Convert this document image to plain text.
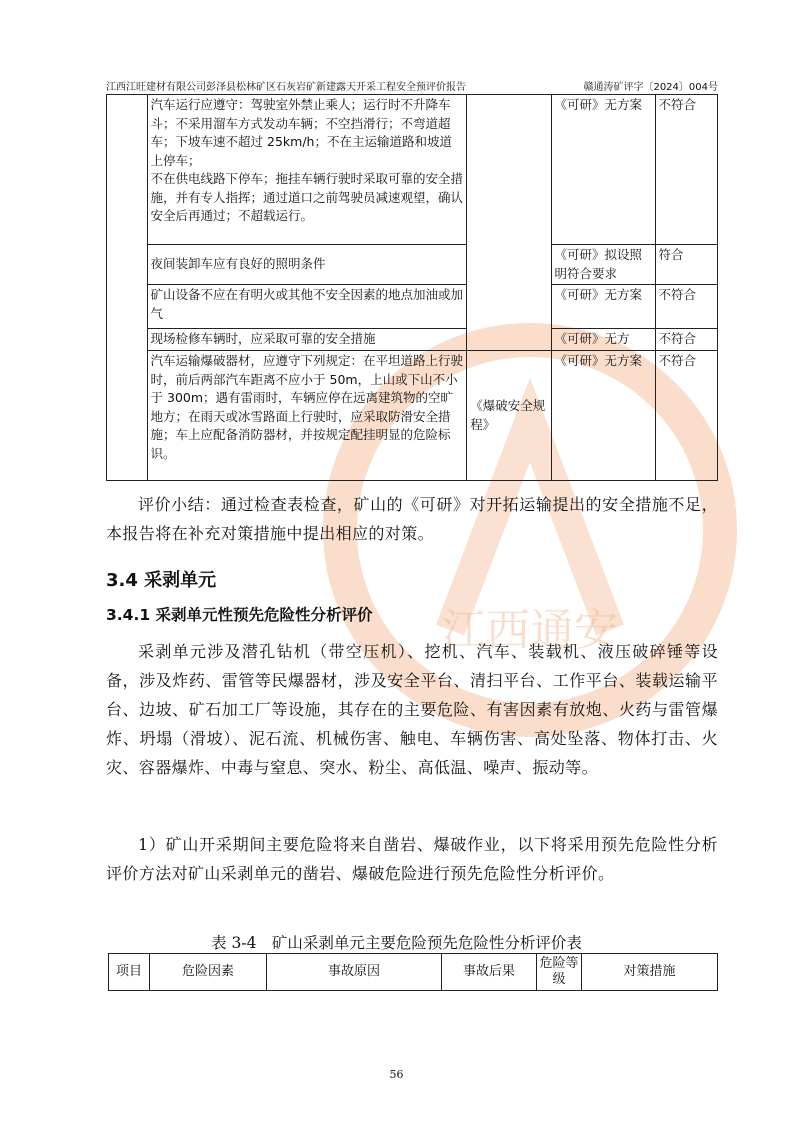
江西通安
江西江旺建材有限公司彭泽县松林矿区石灰岩矿新建露天开采工程安全预评价报告	赣通涛矿评字〔2024〕004号
	汽车运行应遵守：驾驶室外禁止乘人；运行时不升降车斗；不采用溜车方式发动车辆；不空挡滑行；不弯道超车；下坡车速不超过 25km/h；不在主运输道路和坡道上停车；
不在供电线路下停车；拖挂车辆行驶时采取可靠的安全措施，并有专人指挥；通过道口之前驾驶员减速观望，确认安全后再通过；不超载运行。		《可研》无方案	不符合
	夜间装卸车应有良好的照明条件		《可研》拟设照明符合要求	符合
	矿山设备不应在有明火或其他不安全因素的地点加油或加气		《可研》无方案	不符合
	现场检修车辆时，应采取可靠的安全措施		《可研》无方	不符合
	汽车运输爆破器材，应遵守下列规定：在平坦道路上行驶时，前后两部汽车距离不应小于 50m，上山或下山不小于 300m；遇有雷雨时，车辆应停在远离建筑物的空旷地方；在雨天或冰雪路面上行驶时，应采取防滑安全措施；车上应配备消防器材，并按规定配挂明显的危险标识。	《爆破安全规程》	《可研》无方案	不符合
评价小结：通过检查表检查，矿山的《可研》对开拓运输提出的安全措施不足，本报告将在补充对策措施中提出相应的对策。
3.4 采剥单元
3.4.1 采剥单元性预先危险性分析评价
采剥单元涉及潜孔钻机（带空压机）、挖机、汽车、装载机、液压破碎锤等设备，涉及炸药、雷管等民爆器材，涉及安全平台、清扫平台、工作平台、装载运输平台、边坡、矿石加工厂等设施，其存在的主要危险、有害因素有放炮、火药与雷管爆炸、坍塌（滑坡）、泥石流、机械伤害、触电、车辆伤害、高处坠落、物体打击、火灾、容器爆炸、中毒与窒息、突水、粉尘、高低温、噪声、振动等。
1）矿山开采期间主要危险将来自凿岩、爆破作业，以下将采用预先危险性分析评价方法对矿山采剥单元的凿岩、爆破危险进行预先危险性分析评价。
表 3-4　矿山采剥单元主要危险预先危险性分析评价表
项目	危险因素	事故原因	事故后果	危险等级	对策措施
56
